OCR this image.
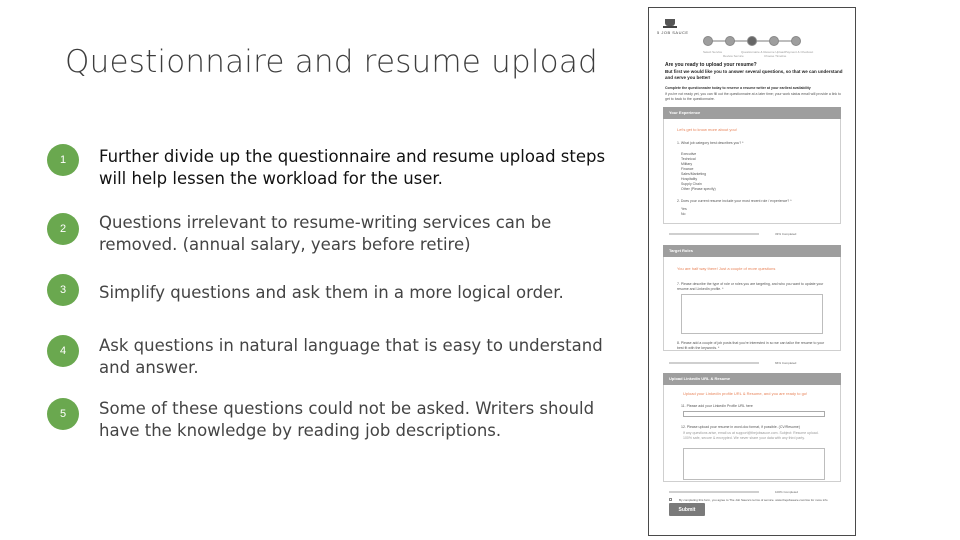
Questionnaire and resume upload
1	Further divide up the questionnaire and resume upload steps will help lessen the workload for the user.
2	Questions irrelevant to resume-writing services can be removed. (annual salary, years before retire)
3	Simplify questions and ask them in a more logical order.
4	Ask questions in natural language that is easy to understand and answer.
5	Some of these questions could not be asked. Writers should have the knowledge by reading job descriptions.
5 JOB SAUCE
Select Service
Review Service
Questionnaire & Resume Upload
Choose Timeline
Payment & Checkout
Are you ready to upload your resume?
But first we would like you to answer several questions, so that we can understand and serve you better!
Complete the questionnaire today to reserve a resume writer at your earliest availability
If you're not ready yet, you can fill out the questionnaire at a later time; your work status email will provide a link to get to back to the questionnaire.
Your Experience
Let's get to know more about you!
1. What job category best describes you? *
Executive
Technical
Military
Finance
Sales/Marketing
Hospitality
Supply Chain
Other (Please specify)
2. Does your current resume include your most recent role / experience? *
Yes
No
33% Completed
Target Roles
You are half way there! Just a couple of more questions
7. Please describe the type of role or roles you are targeting, and who you want to update your resume and LinkedIn profile. *
8. Please add a couple of job posts that you're interested in so we can tailor the resume to your best fit with the keywords. *
66% Completed
Upload LinkedIn URL & Resume
Upload your LinkedIn profile URL & Resume, and you are ready to go!
11. Please add your LinkedIn Profile URL here
12. Please upload your resume in word.doc format, if possible. (CV/Resume)
If any questions arise, email us at support@thejobsauce.com. Subject: Resume upload. 100% safe, secure & encrypted. We never share your data with any third party.
100% Completed
By completing this form, you agree to The Job Sauce's terms of service. www.thejobsauce.com/tos for more info
Submit
